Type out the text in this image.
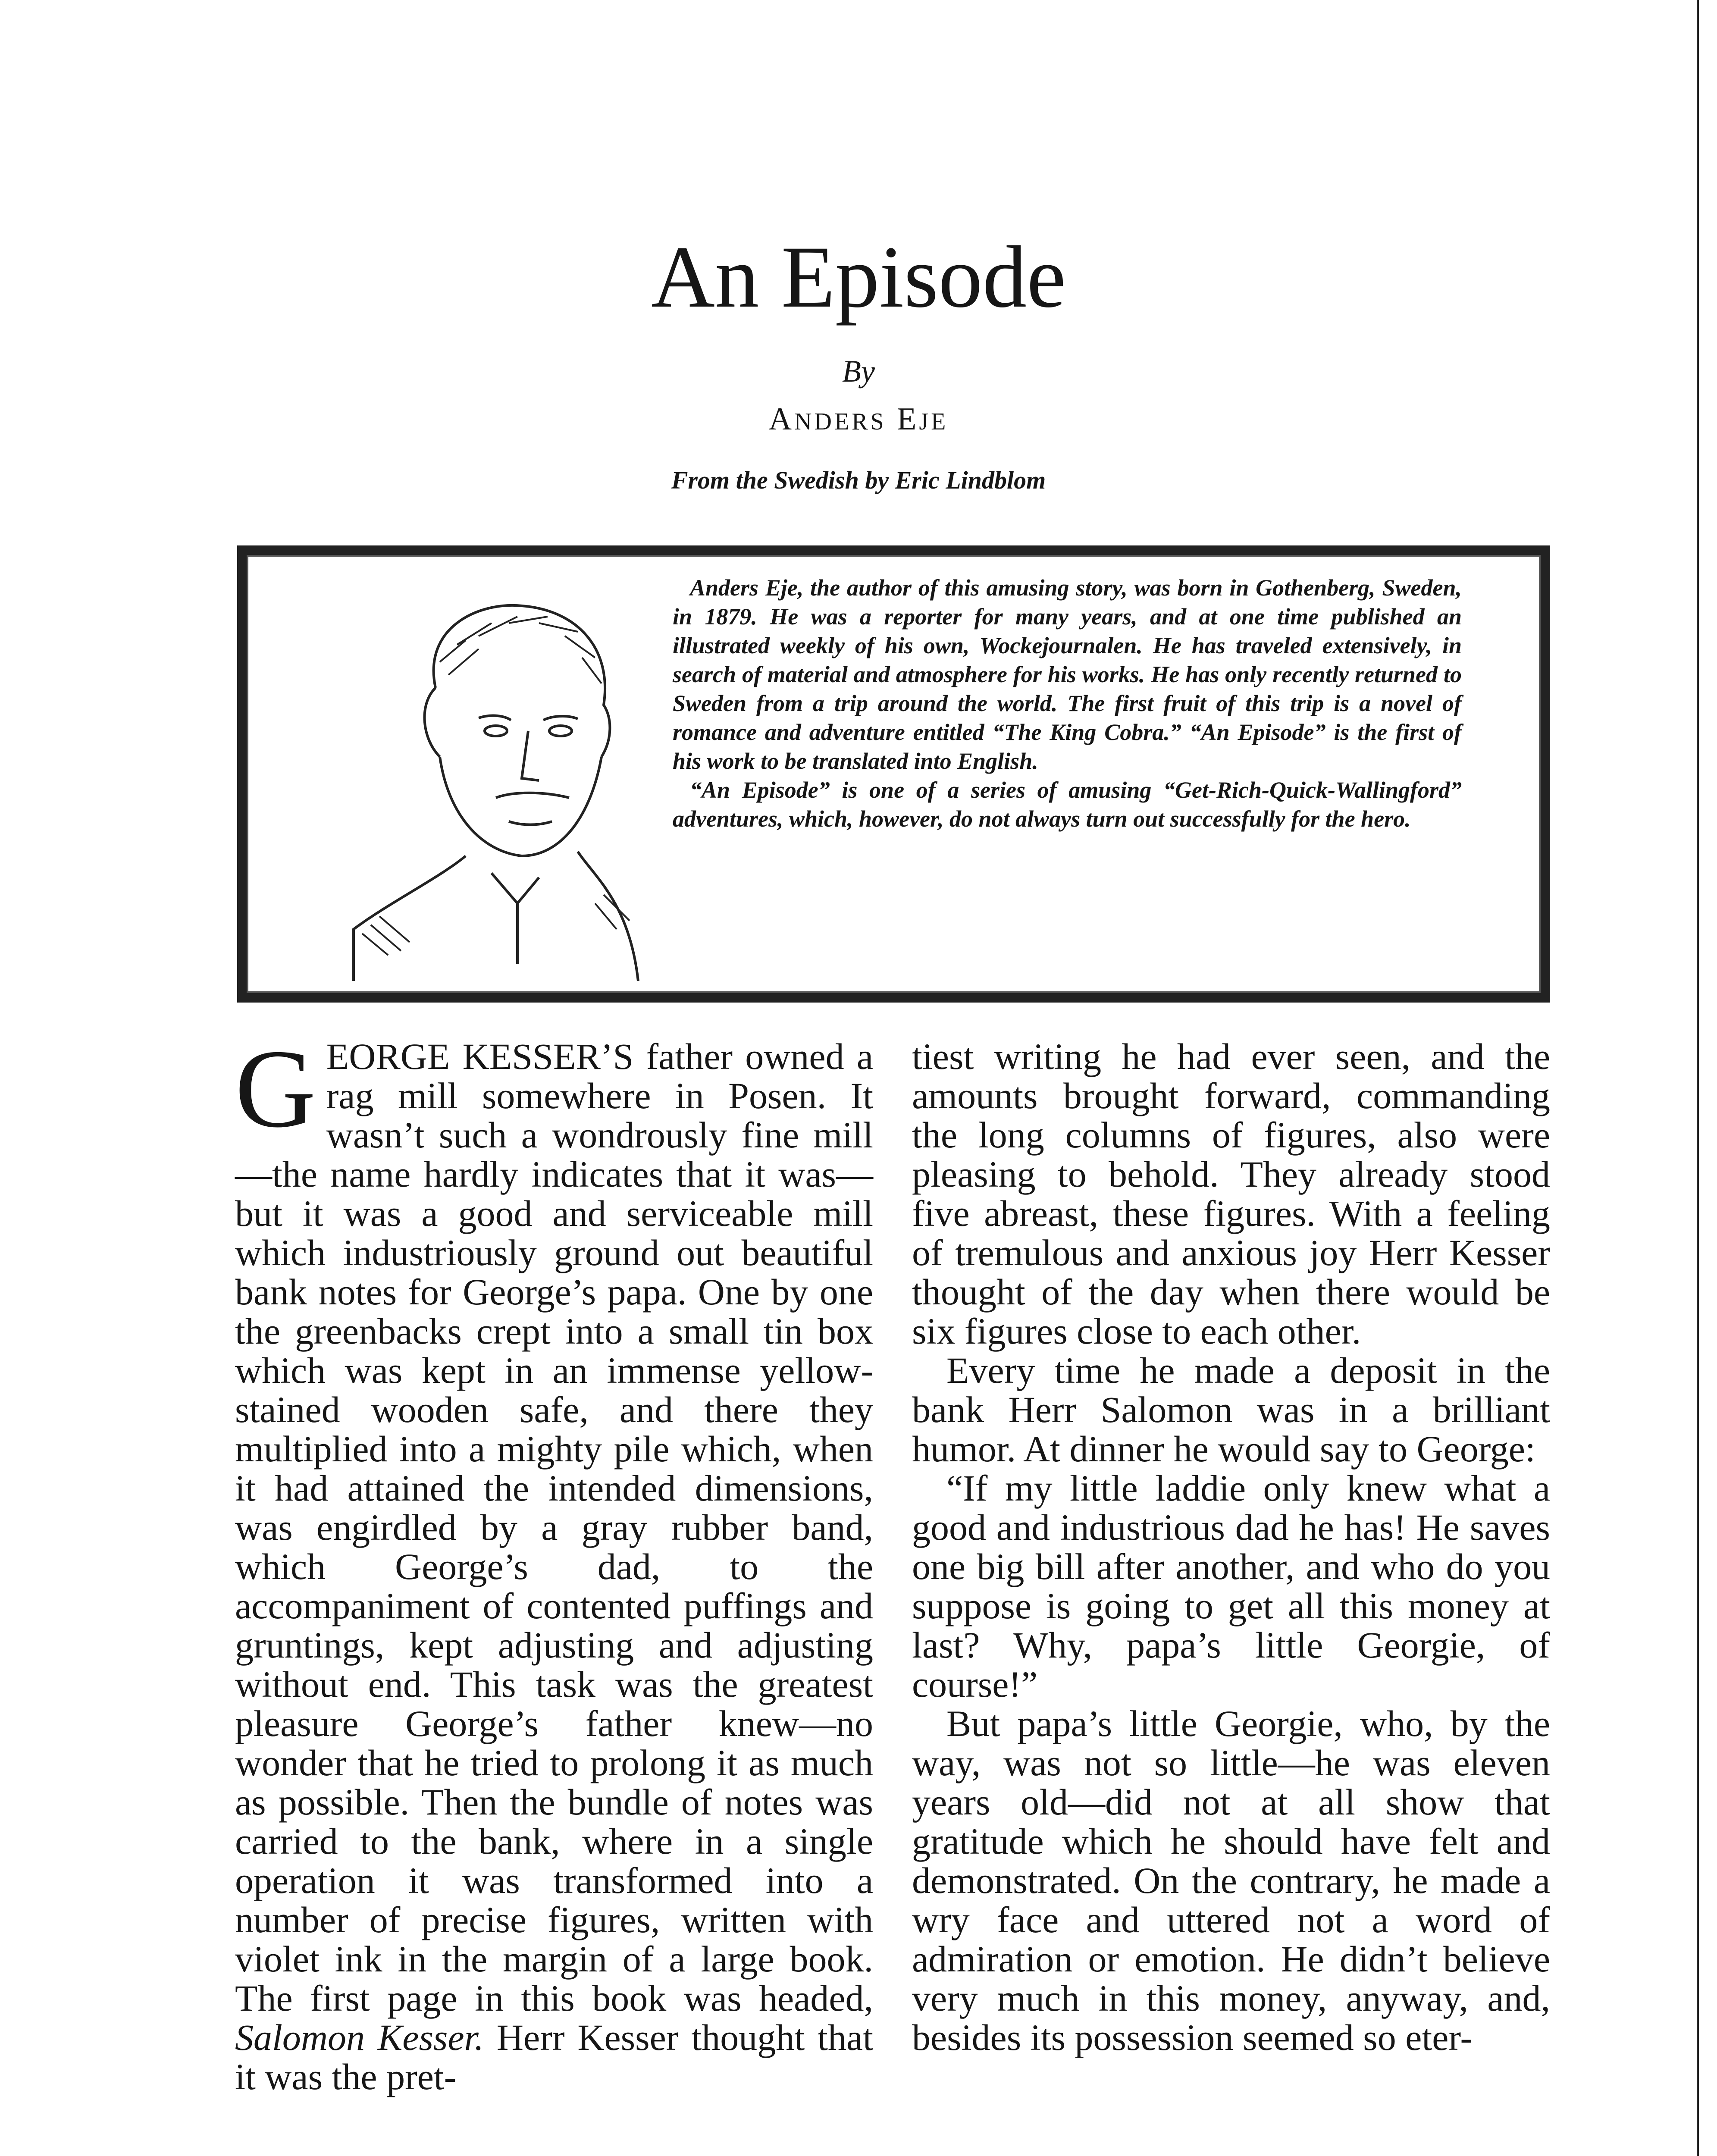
An Episode
By
ANDERS EJE
From the Swedish by Eric Lindblom

Anders Eje, the author of this amusing story, was born in Gothenberg, Sweden, in 1879. He was a reporter for many years, and at one time published an illustrated weekly of his own, Wockejournalen. He has traveled extensively, in search of material and atmosphere for his works. He has only recently returned to Sweden from a trip around the world. The first fruit of this trip is a novel of romance and adventure entitled “The King Cobra.” “An Episode” is the first of his work to be translated into English.

“An Episode” is one of a series of amusing “Get-Rich-Quick-Wallingford” adventures, which, however, do not always turn out successfully for the hero.

GEORGE KESSER’S father owned a rag mill somewhere in Posen. It wasn’t such a wondrously fine mill—the name hardly indicates that it was—but it was a good and serviceable mill which industriously ground out beautiful bank notes for George’s papa. One by one the greenbacks crept into a small tin box which was kept in an immense yellow-stained wooden safe, and there they multiplied into a mighty pile which, when it had attained the intended dimensions, was engirdled by a gray rubber band, which George’s dad, to the accompaniment of contented puffings and gruntings, kept adjusting and adjusting without end. This task was the greatest pleasure George’s father knew—no wonder that he tried to prolong it as much as possible. Then the bundle of notes was carried to the bank, where in a single operation it was transformed into a number of precise figures, written with violet ink in the margin of a large book. The first page in this book was headed, Salomon Kesser. Herr Kesser thought that it was the pret-

tiest writing he had ever seen, and the amounts brought forward, commanding the long columns of figures, also were pleasing to behold. They already stood five abreast, these figures. With a feeling of tremulous and anxious joy Herr Kesser thought of the day when there would be six figures close to each other.

Every time he made a deposit in the bank Herr Salomon was in a brilliant humor. At dinner he would say to George:

“If my little laddie only knew what a good and industrious dad he has! He saves one big bill after another, and who do you suppose is going to get all this money at last? Why, papa’s little Georgie, of course!”

But papa’s little Georgie, who, by the way, was not so little—he was eleven years old—did not at all show that gratitude which he should have felt and demonstrated. On the contrary, he made a wry face and uttered not a word of admiration or emotion. He didn’t believe very much in this money, anyway, and, besides its possession seemed so eter-
